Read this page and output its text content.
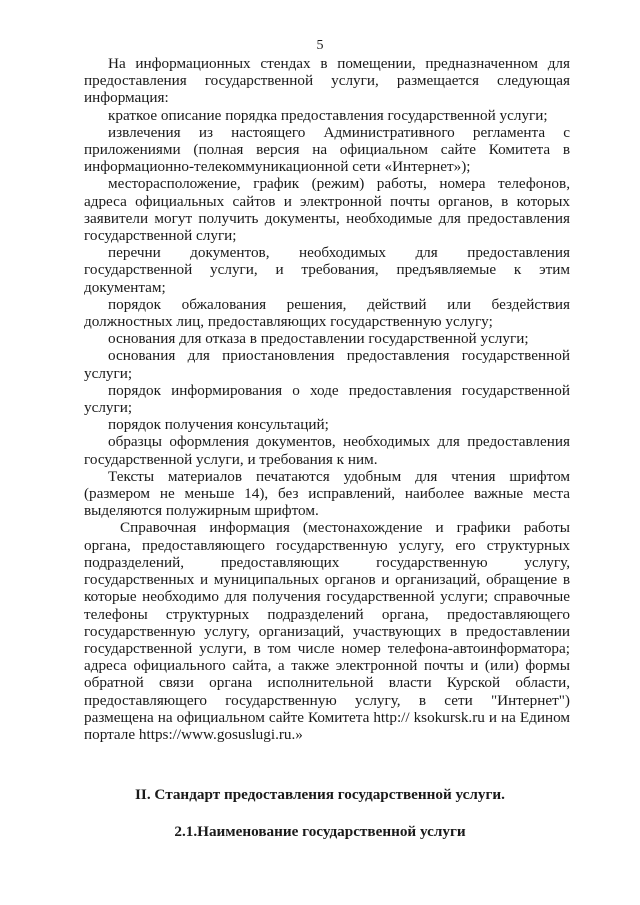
5

На информационных стендах в помещении, предназначенном для предоставления государственной услуги, размещается следующая информация:

краткое описание порядка предоставления государственной услуги;

извлечения из настоящего Административного регламента с приложениями (полная версия на официальном сайте Комитета в информационно-телекоммуникационной сети «Интернет»);

месторасположение, график (режим) работы, номера телефонов, адреса официальных сайтов и электронной почты органов, в которых заявители могут получить документы, необходимые для предоставления государственной слуги;

перечни документов, необходимых для предоставления государственной услуги, и требования, предъявляемые к этим документам;

порядок обжалования решения, действий или бездействия должностных лиц, предоставляющих государственную услугу;

основания для отказа в предоставлении государственной услуги;

основания для приостановления предоставления государственной услуги;

порядок информирования о ходе предоставления государственной услуги;

порядок получения консультаций;

образцы оформления документов, необходимых для предоставления государственной услуги, и требования к ним.

Тексты материалов печатаются удобным для чтения шрифтом (размером не меньше 14), без исправлений, наиболее важные места выделяются полужирным шрифтом.

Справочная информация (местонахождение и графики работы органа, предоставляющего государственную услугу, его структурных подразделений, предоставляющих государственную услугу, государственных и муниципальных органов и организаций, обращение в которые необходимо для получения государственной услуги; справочные телефоны структурных подразделений органа, предоставляющего государственную услугу, организаций, участвующих в предоставлении государственной услуги, в том числе номер телефона-автоинформатора; адреса официального сайта, а также электронной почты и (или) формы обратной связи органа исполнительной власти Курской области, предоставляющего государственную услугу, в сети "Интернет") размещена на официальном сайте Комитета http:// ksokursk.ru и на Едином портале https://www.gosuslugi.ru.»

II. Стандарт предоставления государственной услуги.
2.1.Наименование государственной услуги
